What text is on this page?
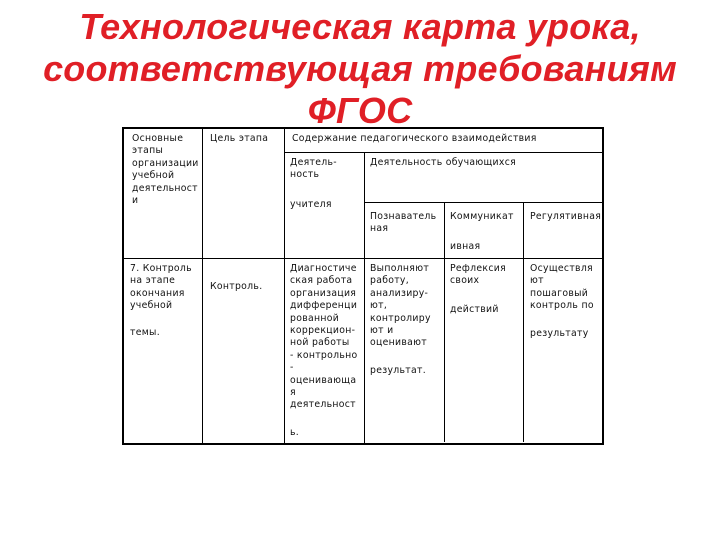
Технологическая карта урока,
соответствующая требованиям
ФГОС
Основные
этапы
организации
учебной
деятельност
и
Цель этапа	Содержание педагогического взаимодействия
Деятель-
ность
учителя
Деятельность обучающихся
Познаватель
ная
Коммуникат
ивная
Регулятивная
7. Контроль
на этапе
окончания
учебной
темы.
Контроль.
Диагностиче
ская работа
организация
дифференци
рованной
коррекцион-
ной работы
- контрольно
-
оценивающа
я
деятельност
ь.
Выполняют
работу,
анализиру-
ют,
контролиру
ют и
оценивают
результат.
Рефлексия
своих
действий
Осуществля
ют
пошаговый
контроль по
результату
